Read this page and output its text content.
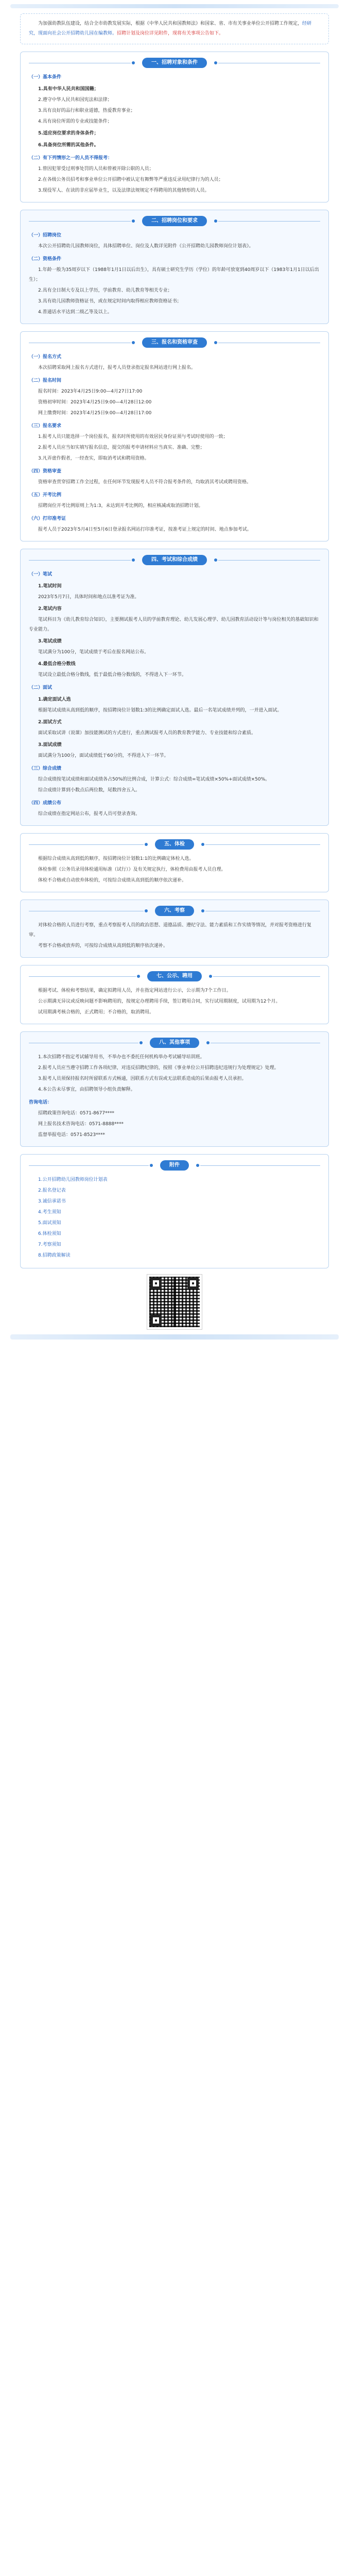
为加强幼教队伍建设，结合全市幼教发展实际，根据《中华人民共和国教师法》和国家、省、市有关事业单位公开招聘工作规定，经研究，现面向社会公开招聘幼儿园在编教师。招聘计划及岗位详见附件，现将有关事项公告如下。

一、招聘对象和条件

（一）基本条件

1.具有中华人民共和国国籍；

2.遵守中华人民共和国宪法和法律；

3.具有良好的品行和职业道德，热爱教育事业；

4.具有岗位所需的专业或技能条件；

5.适应岗位要求的身体条件；

6.具备岗位所需的其他条件。

（二）有下列情形之一的人员不得报考：

1.曾因犯罪受过刑事处罚的人员和曾被开除公职的人员；

2.在各级公务员招考和事业单位公开招聘中被认定有舞弊等严重违反录用纪律行为的人员；

3.现役军人、在读的非应届毕业生，以及法律法规规定不得聘用的其他情形的人员。

二、招聘岗位和要求

（一）招聘岗位

本次公开招聘幼儿园教师岗位，具体招聘单位、岗位及人数详见附件《公开招聘幼儿园教师岗位计划表》。

（二）资格条件

1.年龄一般为35周岁以下（1988年1月1日以后出生），具有硕士研究生学历（学位）的年龄可放宽到40周岁以下（1983年1月1日以后出生）；

2.具有全日制大专及以上学历，学前教育、幼儿教育等相关专业；

3.具有幼儿园教师资格证书，或在规定时间内取得相应教师资格证书；

4.普通话水平达到二级乙等及以上。

三、报名和资格审查

（一）报名方式

本次招聘采取网上报名方式进行，报考人员登录指定报名网站进行网上报名。

（二）报名时间

报名时间：2023年4月25日9:00—4月27日17:00

资格初审时间：2023年4月25日9:00—4月28日12:00

网上缴费时间：2023年4月25日9:00—4月28日17:00

（三）报名要求

1.报考人员只能选择一个岗位报名，报名时所使用的有效居民身份证须与考试时使用的一致；

2.报考人员应当如实填写报名信息，提交的报考申请材料应当真实、准确、完整；

3.凡弄虚作假者，一经查实，即取消考试和聘用资格。

（四）资格审查

资格审查贯穿招聘工作全过程，在任何环节发现报考人员不符合报考条件的，均取消其考试或聘用资格。

（五）开考比例

招聘岗位开考比例原则上为1:3，未达到开考比例的，相应核减或取消招聘计划。

（六）打印准考证

报考人员于2023年5月4日至5月6日登录报名网站打印准考证，按准考证上规定的时间、地点参加考试。

四、考试和综合成绩

（一）笔试

1.笔试时间

2023年5月7日，具体时间和地点以准考证为准。

2.笔试内容

笔试科目为《幼儿教育综合知识》，主要测试报考人员的学前教育理论、幼儿发展心理学、幼儿园教育活动设计等与岗位相关的基础知识和专业能力。

3.笔试成绩

笔试满分为100分，笔试成绩于考后在报名网站公布。

4.最低合格分数线

笔试设立最低合格分数线，低于最低合格分数线的，不得进入下一环节。

（二）面试

1.确定面试人选

根据笔试成绩从高到低的顺序，按招聘岗位计划数1:3的比例确定面试人选。最后一名笔试成绩并列的，一并进入面试。

2.面试方式

面试采取试讲（说课）加技能测试的方式进行，重点测试报考人员的教育教学能力、专业技能和综合素质。

3.面试成绩

面试满分为100分，面试成绩低于60分的，不得进入下一环节。

（三）综合成绩

综合成绩按笔试成绩和面试成绩各占50%的比例合成，计算公式：综合成绩=笔试成绩×50%+面试成绩×50%。

综合成绩计算到小数点后两位数，尾数四舍五入。

（四）成绩公布

综合成绩在指定网站公布，报考人员可登录查询。

五、体检

根据综合成绩从高到低的顺序，按招聘岗位计划数1:1的比例确定体检人选。

体检参照《公务员录用体检通用标准（试行）》及有关规定执行，体检费用由报考人员自理。

体检不合格或自动放弃体检的，可按综合成绩从高到低的顺序依次递补。

六、考察

对体检合格的人员进行考察，重点考察报考人员的政治思想、道德品质、遵纪守法、能力素质和工作实绩等情况，并对报考资格进行复审。

考察不合格或放弃的，可按综合成绩从高到低的顺序依次递补。

七、公示、聘用

根据考试、体检和考察结果，确定拟聘用人员，并在指定网站进行公示，公示期为7个工作日。

公示期满无异议或反映问题不影响聘用的，按规定办理聘用手续，签订聘用合同，实行试用期制度，试用期为12个月。

试用期满考核合格的，正式聘用；不合格的，取消聘用。

八、其他事项

1.本次招聘不指定考试辅导用书，不举办也不委托任何机构举办考试辅导培训班。

2.报考人员应当遵守招聘工作各项纪律，对违反招聘纪律的，按照《事业单位公开招聘违纪违规行为处理规定》处理。

3.报考人员须保持报名时所留联系方式畅通，因联系方式有误或无法联系造成的后果由报考人员承担。

4.本公告未尽事宜，由招聘领导小组负责解释。

咨询电话：

招聘政策咨询电话：0571-8677****

网上报名技术咨询电话：0571-8888****

监督举报电话：0571-8523****

附件
1.公开招聘幼儿园教师岗位计划表
2.报名登记表
3.诚信承诺书
4.考生须知
5.面试须知
6.体检须知
7.考察须知
8.招聘政策解读
